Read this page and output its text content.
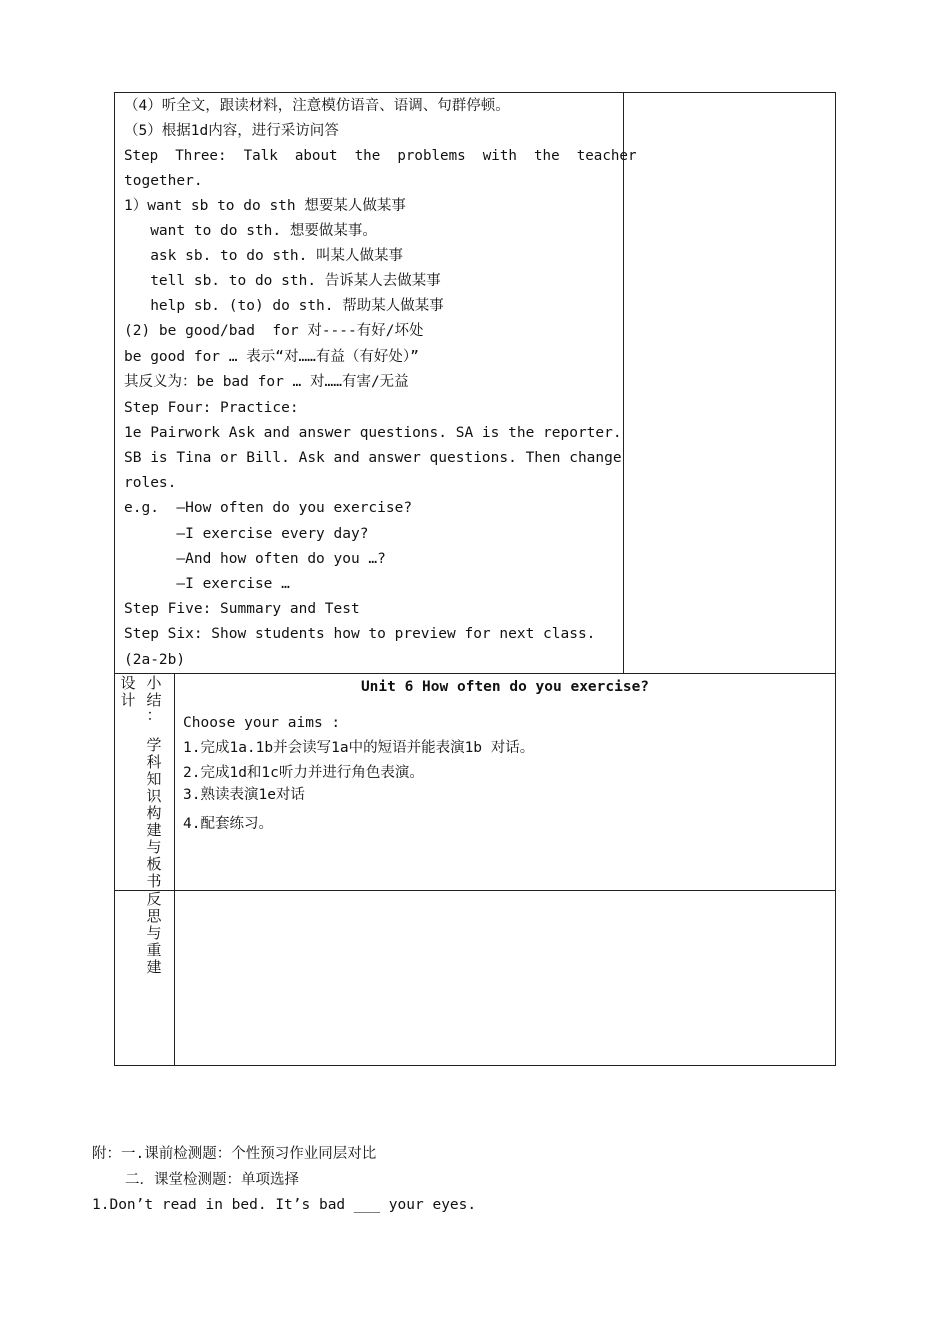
（4）听全文，跟读材料，注意模仿语音、语调、句群停顿。
（5）根据1d内容，进行采访问答
Step  Three:  Talk  about  the  problems  with  the  teacher
together.
1）want sb to do sth 想要某人做某事
want to do sth. 想要做某事。
ask sb. to do sth. 叫某人做某事
tell sb. to do sth. 告诉某人去做某事
help sb. (to) do sth. 帮助某人做某事
(2) be good/bad  for 对----有好/坏处
be good for … 表示“对……有益（有好处）”
其反义为：be bad for … 对……有害/无益
Step Four: Practice:
1e Pairwork Ask and answer questions. SA is the reporter.
SB is Tina or Bill. Ask and answer questions. Then change
roles.
e.g.  —How often do you exercise?
—I exercise every day?
—And how often do you …?
—I exercise …
Step Five: Summary and Test
Step Six: Show students how to preview for next class.
(2a-2b)
设
计
小
结
：
学
科
知
识
构
建
与
板
书
反
思
与
重
建
Unit 6 How often do you exercise?
Choose your aims :
1.完成1a.1b并会读写1a中的短语并能表演1b 对话。
2.完成1d和1c听力并进行角色表演。
3.熟读表演1e对话
4.配套练习。
附：一.课前检测题：个性预习作业同层对比
二．课堂检测题：单项选择
1.Don’t read in bed. It’s bad ___ your eyes.
